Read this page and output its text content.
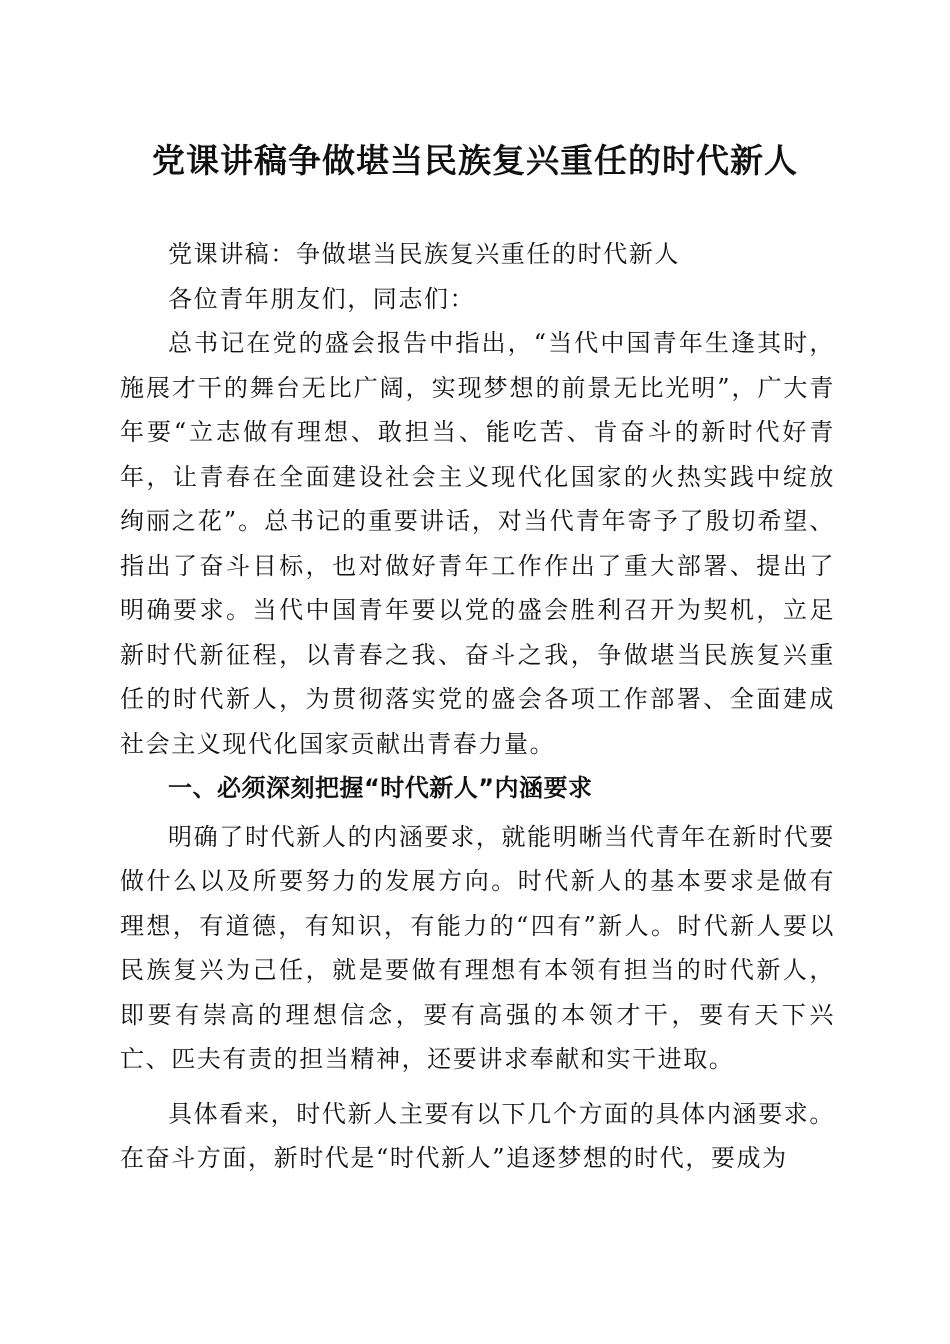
党课讲稿争做堪当民族复兴重任的时代新人

党课讲稿：争做堪当民族复兴重任的时代新人

各位青年朋友们，同志们：

总书记在党的盛会报告中指出，“当代中国青年生逢其时，施展才干的舞台无比广阔，实现梦想的前景无比光明”，广大青年要“立志做有理想、敢担当、能吃苦、肯奋斗的新时代好青年，让青春在全面建设社会主义现代化国家的火热实践中绽放绚丽之花”。总书记的重要讲话，对当代青年寄予了殷切希望、指出了奋斗目标，也对做好青年工作作出了重大部署、提出了明确要求。当代中国青年要以党的盛会胜利召开为契机，立足新时代新征程，以青春之我、奋斗之我，争做堪当民族复兴重任的时代新人，为贯彻落实党的盛会各项工作部署、全面建成社会主义现代化国家贡献出青春力量。

一、必须深刻把握“时代新人”内涵要求

明确了时代新人的内涵要求，就能明晰当代青年在新时代要做什么以及所要努力的发展方向。时代新人的基本要求是做有理想，有道德，有知识，有能力的“四有”新人。时代新人要以民族复兴为己任，就是要做有理想有本领有担当的时代新人，即要有崇高的理想信念，要有高强的本领才干，要有天下兴亡、匹夫有责的担当精神，还要讲求奉献和实干进取。

具体看来，时代新人主要有以下几个方面的具体内涵要求。在奋斗方面，新时代是“时代新人”追逐梦想的时代，要成为
